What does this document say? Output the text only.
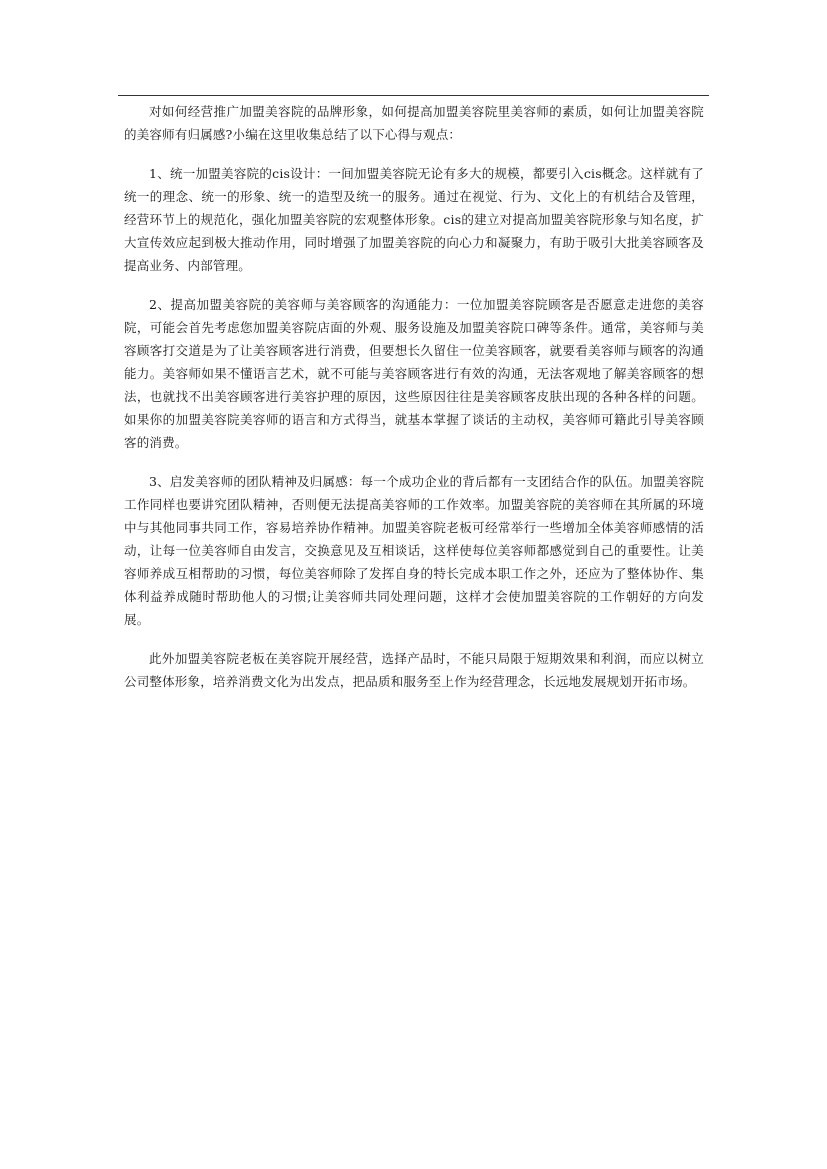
对如何经营推广加盟美容院的品牌形象，如何提高加盟美容院里美容师的素质，如何让加盟美容院的美容师有归属感?小编在这里收集总结了以下心得与观点：

1、统一加盟美容院的cis设计：一间加盟美容院无论有多大的规模，都要引入cis概念。这样就有了统一的理念、统一的形象、统一的造型及统一的服务。通过在视觉、行为、文化上的有机结合及管理，经营环节上的规范化，强化加盟美容院的宏观整体形象。cis的建立对提高加盟美容院形象与知名度，扩大宣传效应起到极大推动作用，同时增强了加盟美容院的向心力和凝聚力，有助于吸引大批美容顾客及提高业务、内部管理。

2、提高加盟美容院的美容师与美容顾客的沟通能力：一位加盟美容院顾客是否愿意走进您的美容院，可能会首先考虑您加盟美容院店面的外观、服务设施及加盟美容院口碑等条件。通常，美容师与美容顾客打交道是为了让美容顾客进行消费，但要想长久留住一位美容顾客，就要看美容师与顾客的沟通能力。美容师如果不懂语言艺术，就不可能与美容顾客进行有效的沟通，无法客观地了解美容顾客的想法，也就找不出美容顾客进行美容护理的原因，这些原因往往是美容顾客皮肤出现的各种各样的问题。如果你的加盟美容院美容师的语言和方式得当，就基本掌握了谈话的主动权，美容师可籍此引导美容顾客的消费。

3、启发美容师的团队精神及归属感：每一个成功企业的背后都有一支团结合作的队伍。加盟美容院工作同样也要讲究团队精神，否则便无法提高美容师的工作效率。加盟美容院的美容师在其所属的环境中与其他同事共同工作，容易培养协作精神。加盟美容院老板可经常举行一些增加全体美容师感情的活动，让每一位美容师自由发言，交换意见及互相谈话，这样使每位美容师都感觉到自己的重要性。让美容师养成互相帮助的习惯，每位美容师除了发挥自身的特长完成本职工作之外，还应为了整体协作、集体利益养成随时帮助他人的习惯;让美容师共同处理问题，这样才会使加盟美容院的工作朝好的方向发展。

此外加盟美容院老板在美容院开展经营，选择产品时，不能只局限于短期效果和利润，而应以树立公司整体形象，培养消费文化为出发点，把品质和服务至上作为经营理念，长远地发展规划开拓市场。
